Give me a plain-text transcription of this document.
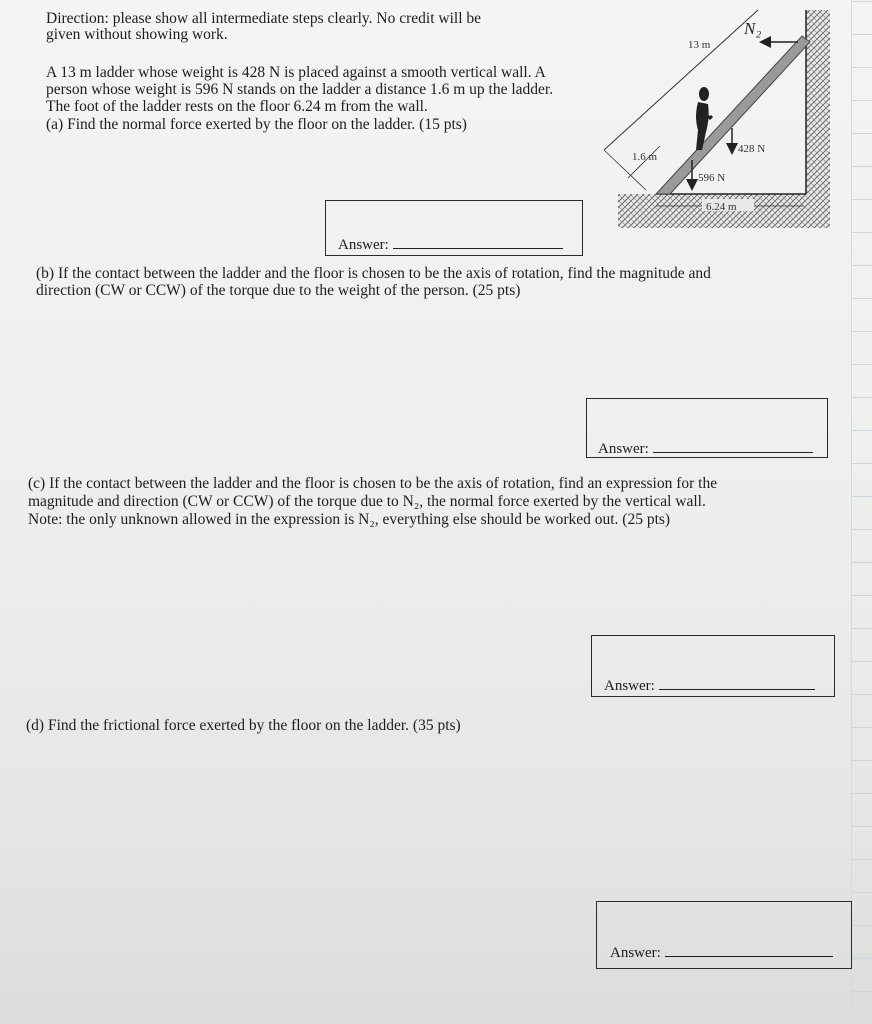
Direction: please show all intermediate steps clearly. No credit will be
given without showing work.
A 13 m ladder whose weight is 428 N is placed against a smooth vertical wall. A
person whose weight is 596 N stands on the ladder a distance 1.6 m up the ladder.
The foot of the ladder rests on the floor 6.24 m from the wall.
(a) Find the normal force exerted by the floor on the ladder. (15 pts)
13 m
N₂
596 N
428 N
1.6 m
6.24 m
Answer:
(b) If the contact between the ladder and the floor is chosen to be the axis of rotation, find the magnitude and
direction (CW or CCW) of the torque due to the weight of the person. (25 pts)
Answer:
(c) If the contact between the ladder and the floor is chosen to be the axis of rotation, find an expression for the
magnitude and direction (CW or CCW) of the torque due to N₂, the normal force exerted by the vertical wall.
Note: the only unknown allowed in the expression is N₂, everything else should be worked out. (25 pts)
Answer:
(d) Find the frictional force exerted by the floor on the ladder. (35 pts)
Answer:
